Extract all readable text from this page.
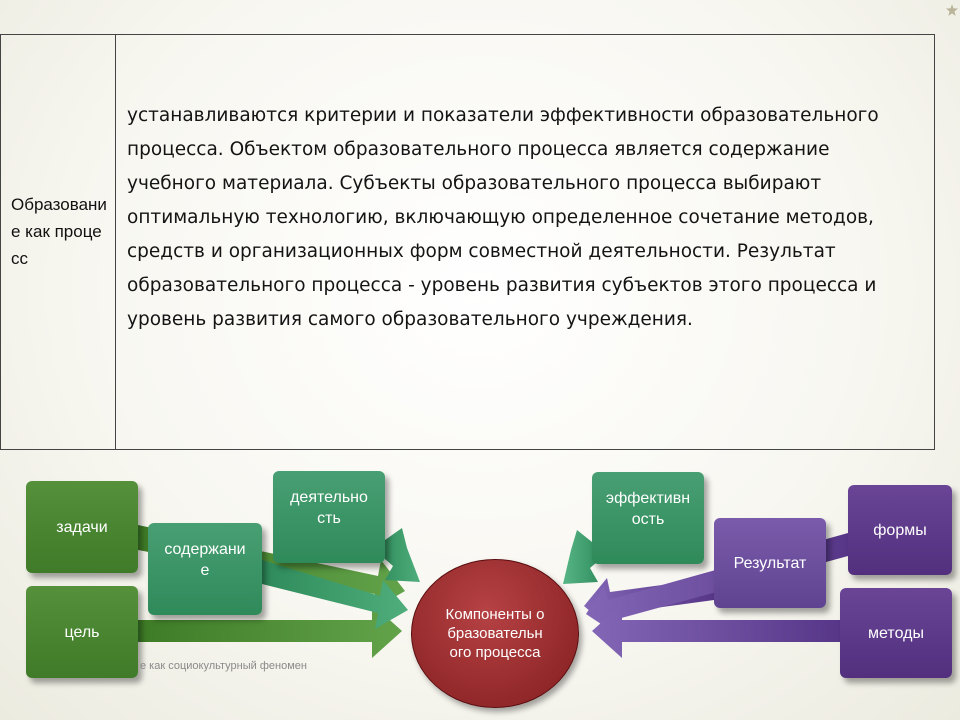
Образование как процесс
устанавливаются критерии и показатели эффективности образовательного процесса. Объектом образовательного процесса является содержание учебного материала. Субъекты образовательного процесса выбирают оптимальную технологию, включающую определенное сочетание методов, средств и организационных форм совместной деятельности. Результат образовательного процесса - уровень развития субъектов этого процесса и уровень развития самого образовательного учреждения.
задачи
цель
содержание
деятельность
эффективность
Результат
формы
методы
е как социокультурный феномен
Компоненты образовательного процесса
